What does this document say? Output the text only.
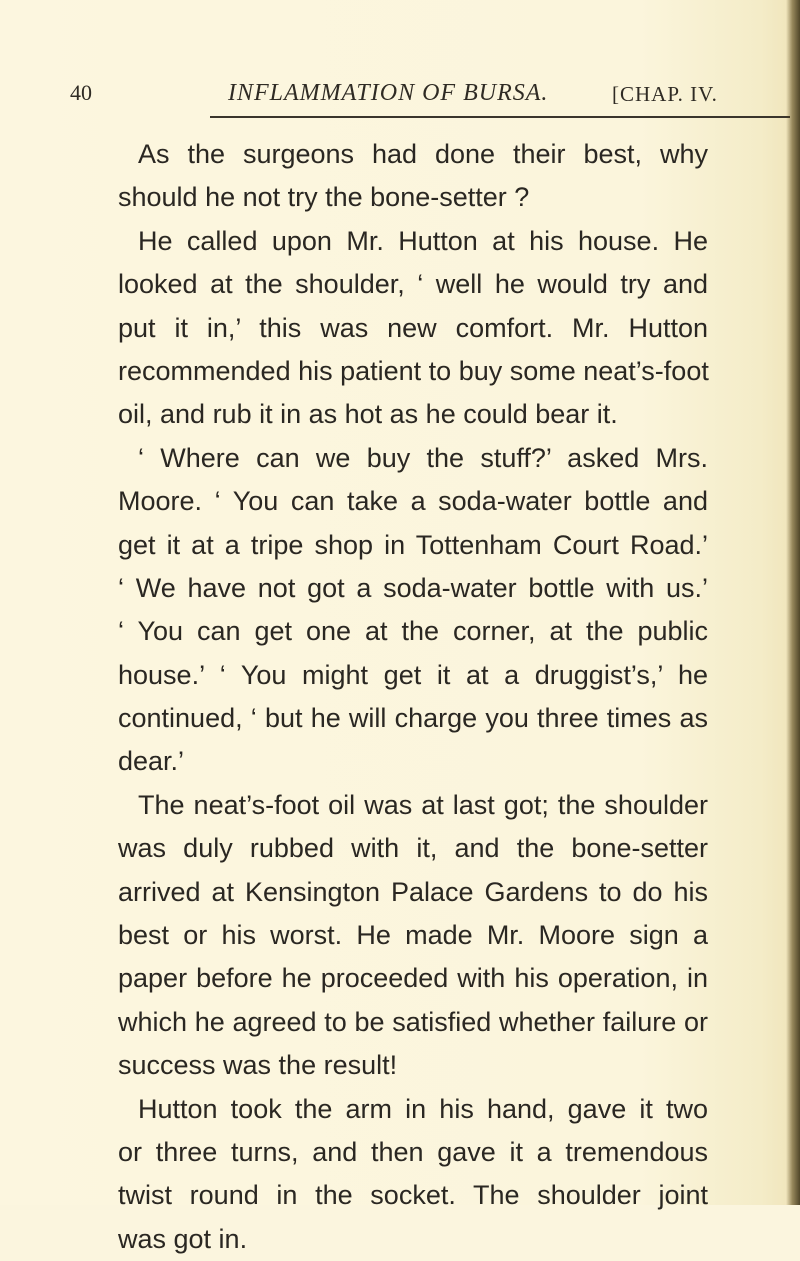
40	INFLAMMATION OF BURSA.	[CHAP. IV.
As the surgeons had done their best, why
should he not try the bone-setter ?
He called upon Mr. Hutton at his house. He
looked at the shoulder, ‘ well he would try and
put it in,’ this was new comfort. Mr. Hutton
recommended his patient to buy some neat’s-foot
oil, and rub it in as hot as he could bear it.
‘ Where can we buy the stuff?’ asked Mrs.
Moore. ‘ You can take a soda-water bottle and
get it at a tripe shop in Tottenham Court Road.’
‘ We have not got a soda-water bottle with us.’
‘ You can get one at the corner, at the public
house.’ ‘ You might get it at a druggist’s,’ he
continued, ‘ but he will charge you three times as
dear.’
The neat’s-foot oil was at last got; the shoulder
was duly rubbed with it, and the bone-setter
arrived at Kensington Palace Gardens to do his
best or his worst. He made Mr. Moore sign a
paper before he proceeded with his operation, in
which he agreed to be satisfied whether failure or
success was the result!
Hutton took the arm in his hand, gave it two
or three turns, and then gave it a tremendous
twist round in the socket. The shoulder joint
was got in.
